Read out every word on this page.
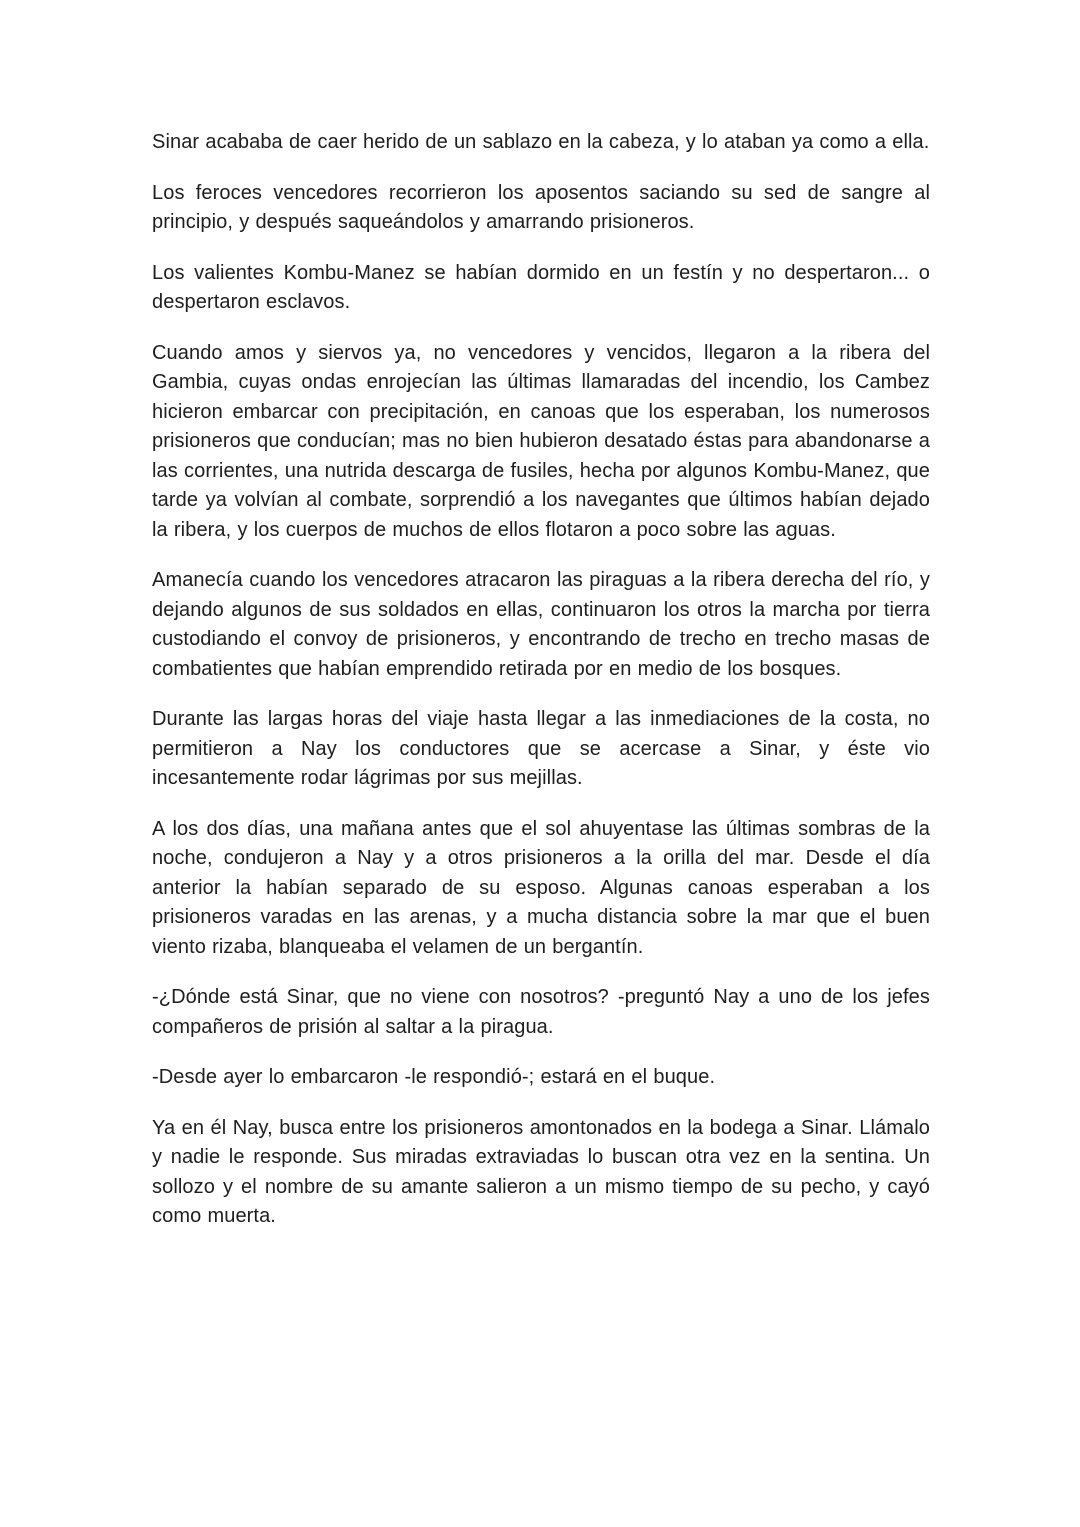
Sinar acababa de caer herido de un sablazo en la cabeza, y lo ataban ya como a ella.

Los feroces vencedores recorrieron los aposentos saciando su sed de sangre al principio, y después saqueándolos y amarrando prisioneros.

Los valientes Kombu-Manez se habían dormido en un festín y no despertaron... o despertaron esclavos.

Cuando amos y siervos ya, no vencedores y vencidos, llegaron a la ribera del Gambia, cuyas ondas enrojecían las últimas llamaradas del incendio, los Cambez hicieron embarcar con precipitación, en canoas que los esperaban, los numerosos prisioneros que conducían; mas no bien hubieron desatado éstas para abandonarse a las corrientes, una nutrida descarga de fusiles, hecha por algunos Kombu-Manez, que tarde ya volvían al combate, sorprendió a los navegantes que últimos habían dejado la ribera, y los cuerpos de muchos de ellos flotaron a poco sobre las aguas.

Amanecía cuando los vencedores atracaron las piraguas a la ribera derecha del río, y dejando algunos de sus soldados en ellas, continuaron los otros la marcha por tierra custodiando el convoy de prisioneros, y encontrando de trecho en trecho masas de combatientes que habían emprendido retirada por en medio de los bosques.

Durante las largas horas del viaje hasta llegar a las inmediaciones de la costa, no permitieron a Nay los conductores que se acercase a Sinar, y éste vio incesantemente rodar lágrimas por sus mejillas.

A los dos días, una mañana antes que el sol ahuyentase las últimas sombras de la noche, condujeron a Nay y a otros prisioneros a la orilla del mar. Desde el día anterior la habían separado de su esposo. Algunas canoas esperaban a los prisioneros varadas en las arenas, y a mucha distancia sobre la mar que el buen viento rizaba, blanqueaba el velamen de un bergantín.

-¿Dónde está Sinar, que no viene con nosotros? -preguntó Nay a uno de los jefes compañeros de prisión al saltar a la piragua.

-Desde ayer lo embarcaron -le respondió-; estará en el buque.

Ya en él Nay, busca entre los prisioneros amontonados en la bodega a Sinar. Llámalo y nadie le responde. Sus miradas extraviadas lo buscan otra vez en la sentina. Un sollozo y el nombre de su amante salieron a un mismo tiempo de su pecho, y cayó como muerta.
